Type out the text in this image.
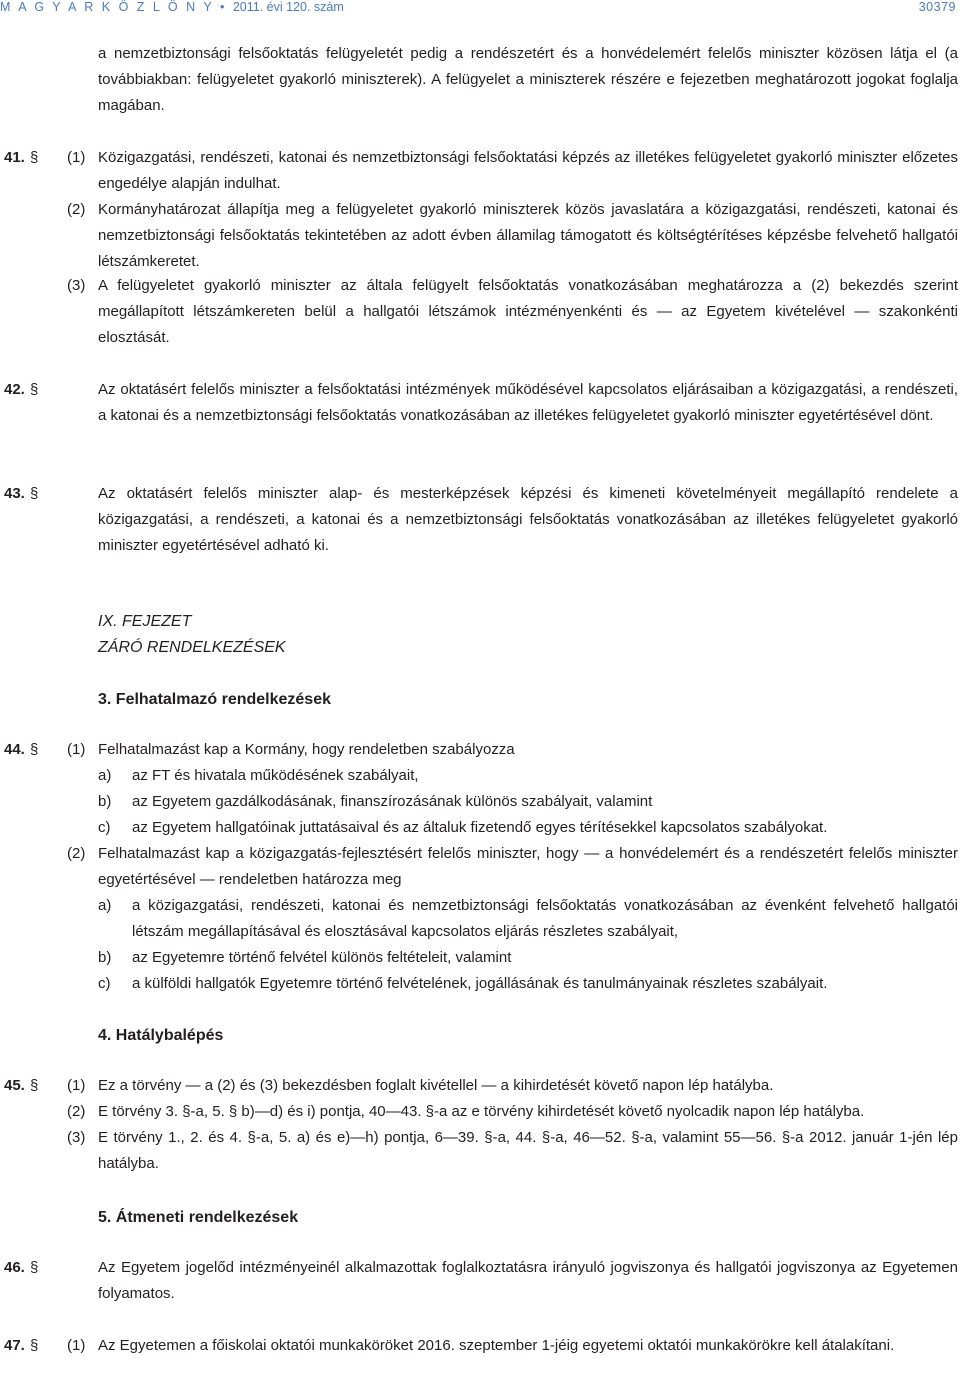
M A G Y A R K Ö Z L Ö N Y • 2011. évi 120. szám	30379
a nemzetbiztonsági felsőoktatás felügyeletét pedig a rendészetért és a honvédelemért felelős miniszter közösen látja el (a továbbiakban: felügyeletet gyakorló miniszterek). A felügyelet a miniszterek részére e fejezetben meghatározott jogokat foglalja magában.
41. § (1) Közigazgatási, rendészeti, katonai és nemzetbiztonsági felsőoktatási képzés az illetékes felügyeletet gyakorló miniszter előzetes engedélye alapján indulhat.
(2) Kormányhatározat állapítja meg a felügyeletet gyakorló miniszterek közös javaslatára a közigazgatási, rendészeti, katonai és nemzetbiztonsági felsőoktatás tekintetében az adott évben államilag támogatott és költségtérítéses képzésbe felvehető hallgatói létszámkeretet.
(3) A felügyeletet gyakorló miniszter az általa felügyelt felsőoktatás vonatkozásában meghatározza a (2) bekezdés szerint megállapított létszámkereten belül a hallgatói létszámok intézményenkénti és — az Egyetem kivételével — szakonkénti elosztását.
42. §	Az oktatásért felelős miniszter a felsőoktatási intézmények működésével kapcsolatos eljárásaiban a közigazgatási, a rendészeti, a katonai és a nemzetbiztonsági felsőoktatás vonatkozásában az illetékes felügyeletet gyakorló miniszter egyetértésével dönt.
43. §	Az oktatásért felelős miniszter alap- és mesterképzések képzési és kimeneti követelményeit megállapító rendelete a közigazgatási, a rendészeti, a katonai és a nemzetbiztonsági felsőoktatás vonatkozásában az illetékes felügyeletet gyakorló miniszter egyetértésével adható ki.
IX. FEJEZET
ZÁRÓ RENDELKEZÉSEK
3. Felhatalmazó rendelkezések
44. § (1) Felhatalmazást kap a Kormány, hogy rendeletben szabályozza
a) az FT és hivatala működésének szabályait,
b) az Egyetem gazdálkodásának, finanszírozásának különös szabályait, valamint
c) az Egyetem hallgatóinak juttatásaival és az általuk fizetendő egyes térítésekkel kapcsolatos szabályokat.
(2) Felhatalmazást kap a közigazgatás-fejlesztésért felelős miniszter, hogy — a honvédelemért és a rendészetért felelős miniszter egyetértésével — rendeletben határozza meg
a) a közigazgatási, rendészeti, katonai és nemzetbiztonsági felsőoktatás vonatkozásában az évenként felvehető hallgatói létszám megállapításával és elosztásával kapcsolatos eljárás részletes szabályait,
b) az Egyetemre történő felvétel különös feltételeit, valamint
c) a külföldi hallgatók Egyetemre történő felvételének, jogállásának és tanulmányainak részletes szabályait.
4. Hatálybalépés
45. § (1) Ez a törvény — a (2) és (3) bekezdésben foglalt kivétellel — a kihirdetését követő napon lép hatályba.
(2) E törvény 3. §-a, 5. § b)—d) és i) pontja, 40—43. §-a az e törvény kihirdetését követő nyolcadik napon lép hatályba.
(3) E törvény 1., 2. és 4. §-a, 5. a) és e)—h) pontja, 6—39. §-a, 44. §-a, 46—52. §-a, valamint 55—56. §-a 2012. január 1-jén lép hatályba.
5. Átmeneti rendelkezések
46. §	Az Egyetem jogelőd intézményeinél alkalmazottak foglalkoztatásra irányuló jogviszonya és hallgatói jogviszonya az Egyetemen folyamatos.
47. § (1) Az Egyetemen a főiskolai oktatói munkaköröket 2016. szeptember 1-jéig egyetemi oktatói munkakörökre kell átalakítani.
